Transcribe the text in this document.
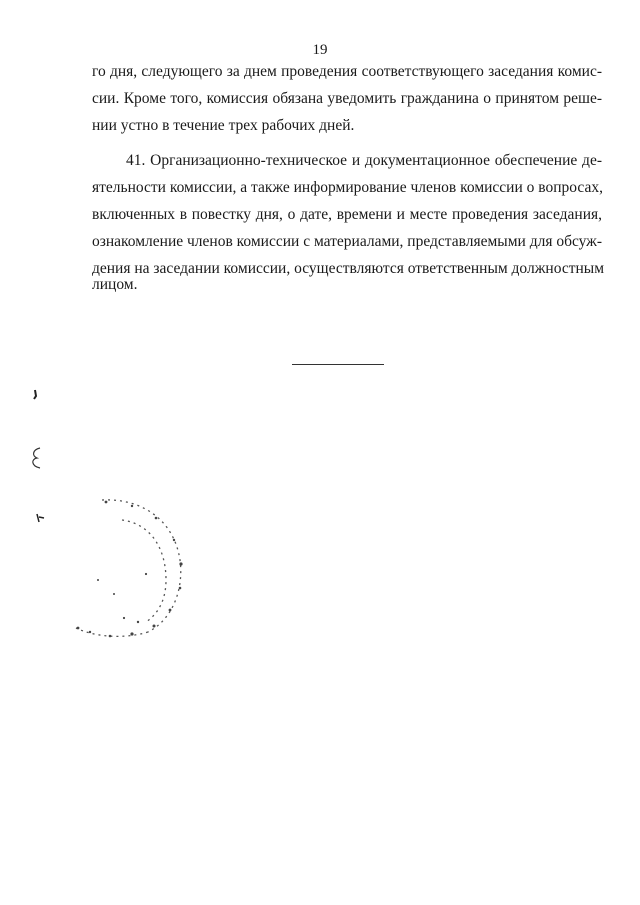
19
го дня, следующего за днем проведения соответствующего заседания комис-
сии. Кроме того, комиссия обязана уведомить гражданина о принятом реше-
нии устно в течение трех рабочих дней.
41. Организационно-техническое и документационное обеспечение де-
ятельности комиссии, а также информирование членов комиссии о вопросах,
включенных в повестку дня, о дате, времени и месте проведения заседания,
ознакомление членов комиссии с материалами, представляемыми для обсуж-
дения на заседании комиссии, осуществляются ответственным должностным
лицом.
